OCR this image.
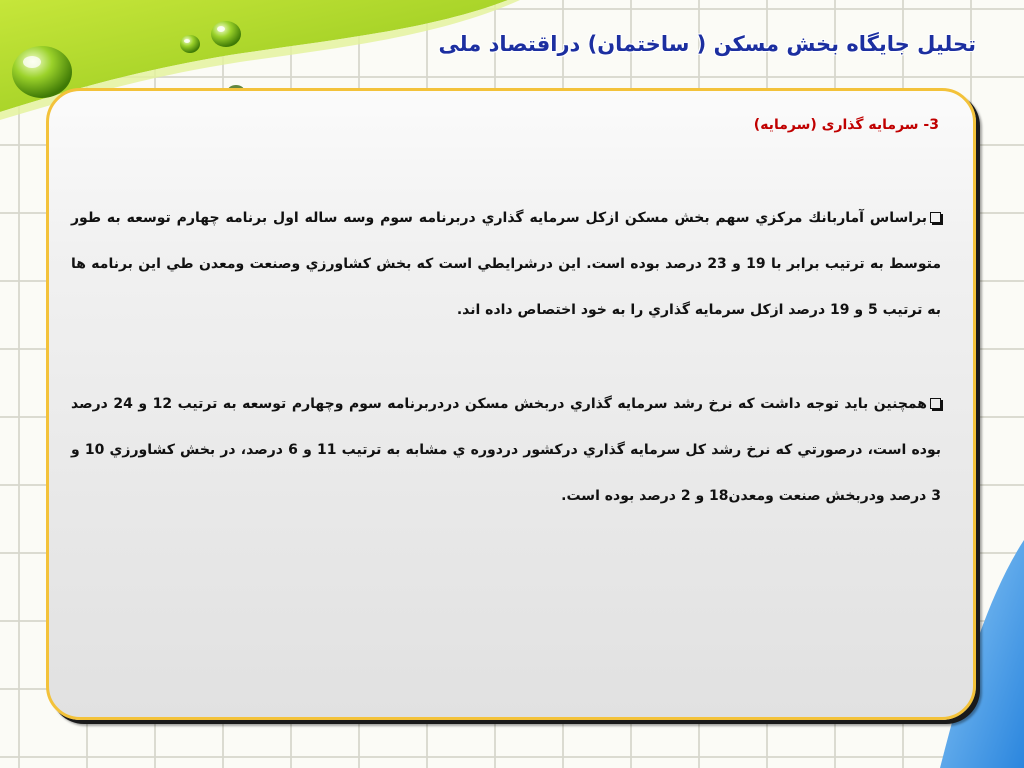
تحلیل جایگاه بخش مسکن ( ساختمان) دراقتصاد ملی
3- سرمایه گذاری (سرمایه)
براساس آماربانك مركزي سهم بخش مسكن ازكل سرمايه گذاري دربرنامه سوم وسه ساله اول برنامه چهارم توسعه به طور متوسط به ترتيب برابر با 19 و 23 درصد بوده است. اين درشرايطي است كه بخش كشاورزي وصنعت ومعدن طي اين برنامه ها به ترتيب 5 و 19 درصد ازكل سرمايه گذاري را به خود اختصاص داده اند.
همچنين بايد توجه داشت كه نرخ رشد سرمايه گذاري دربخش مسكن دردربرنامه سوم وچهارم توسعه به ترتيب 12 و 24 درصد بوده است، درصورتي كه نرخ رشد كل سرمايه گذاري دركشور دردوره ي مشابه به ترتيب 11 و 6 درصد، در بخش كشاورزي 10 و 3 درصد ودربخش صنعت ومعدن18 و 2 درصد بوده است.
